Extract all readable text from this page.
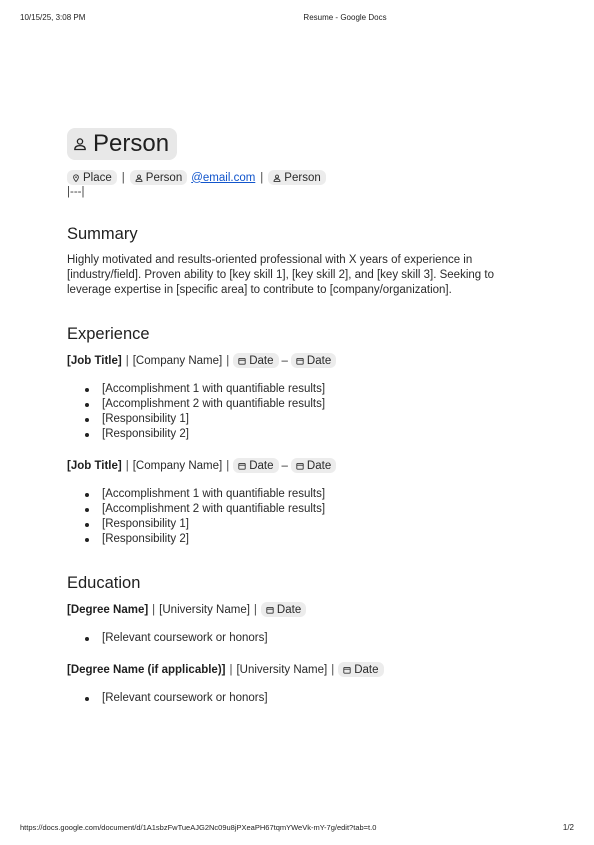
10/15/25, 3:08 PM	Resume - Google Docs
Person
Place | Person @email.com | Person
|---|
Summary
Highly motivated and results-oriented professional with X years of experience in [industry/field]. Proven ability to [key skill 1], [key skill 2], and [key skill 3]. Seeking to leverage expertise in [specific area] to contribute to [company/organization].
Experience
[Job Title] | [Company Name] | Date – Date
[Accomplishment 1 with quantifiable results]
[Accomplishment 2 with quantifiable results]
[Responsibility 1]
[Responsibility 2]
[Job Title] | [Company Name] | Date – Date
[Accomplishment 1 with quantifiable results]
[Accomplishment 2 with quantifiable results]
[Responsibility 1]
[Responsibility 2]
Education
[Degree Name] | [University Name] | Date
[Relevant coursework or honors]
[Degree Name (if applicable)] | [University Name] | Date
[Relevant coursework or honors]
https://docs.google.com/document/d/1A1sbzFwTueAJG2Nc09u8jPXeaPH67tqmYWeVk-mY-7g/edit?tab=t.0	1/2
